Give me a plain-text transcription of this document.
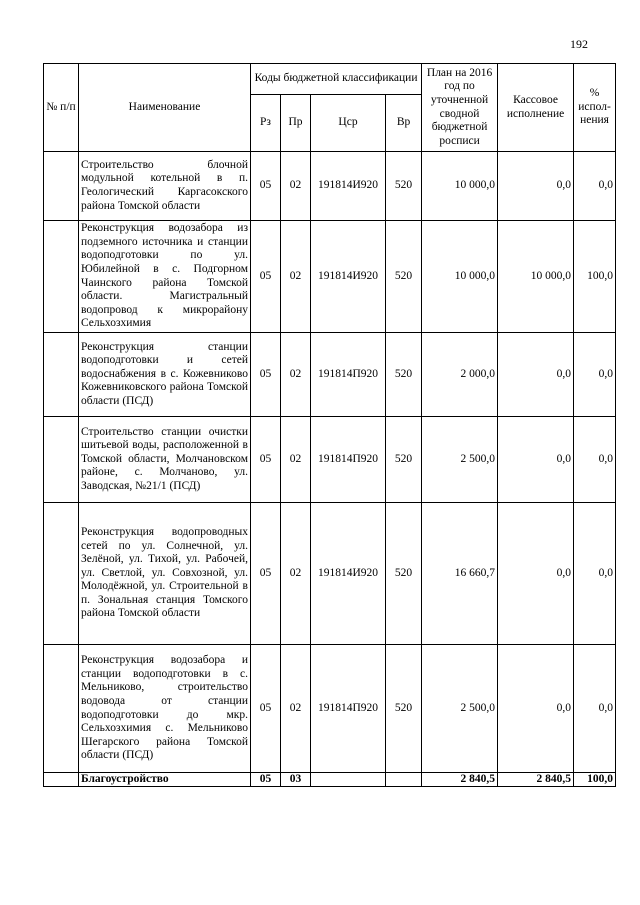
192
№ п/п	Наименование	Коды бюджетной классификации				План на 2016 год по уточненной сводной бюджетной росписи	Кассовое исполнение	% испол-нения
		Рз	Пр	Цср	Вр			
	Строительство блочной модульной котельной в п. Геологический Каргасокского района Томской области	05	02	191814И920	520	10 000,0	0,0	0,0
	Реконструкция водозабора из подземного источника и станции водоподготовки по ул. Юбилейной в с. Подгорном Чаинского района Томской области. Магистральный водопровод к микрорайону Сельхозхимия	05	02	191814И920	520	10 000,0	10 000,0	100,0
	Реконструкция станции водоподготовки и сетей водоснабжения в с. Кожевниково Кожевниковского района Томской области (ПСД)	05	02	191814П920	520	2 000,0	0,0	0,0
	Строительство станции очистки шитьевой воды, расположенной в Томской области, Молчановском районе, с. Молчаново, ул. Заводская, №21/1 (ПСД)	05	02	191814П920	520	2 500,0	0,0	0,0
	Реконструкция водопроводных сетей по ул. Солнечной, ул. Зелёной, ул. Тихой, ул. Рабочей, ул. Светлой, ул. Совхозной, ул. Молодёжной, ул. Строительной в п. Зональная станция Томского района Томской области	05	02	191814И920	520	16 660,7	0,0	0,0
	Реконструкция водозабора и станции водоподготовки в с. Мельниково, строительство водовода от станции водоподготовки до мкр. Сельхозхимия с. Мельниково Шегарского района Томской области (ПСД)	05	02	191814П920	520	2 500,0	0,0	0,0
	Благоустройство	05	03			2 840,5	2 840,5	100,0
